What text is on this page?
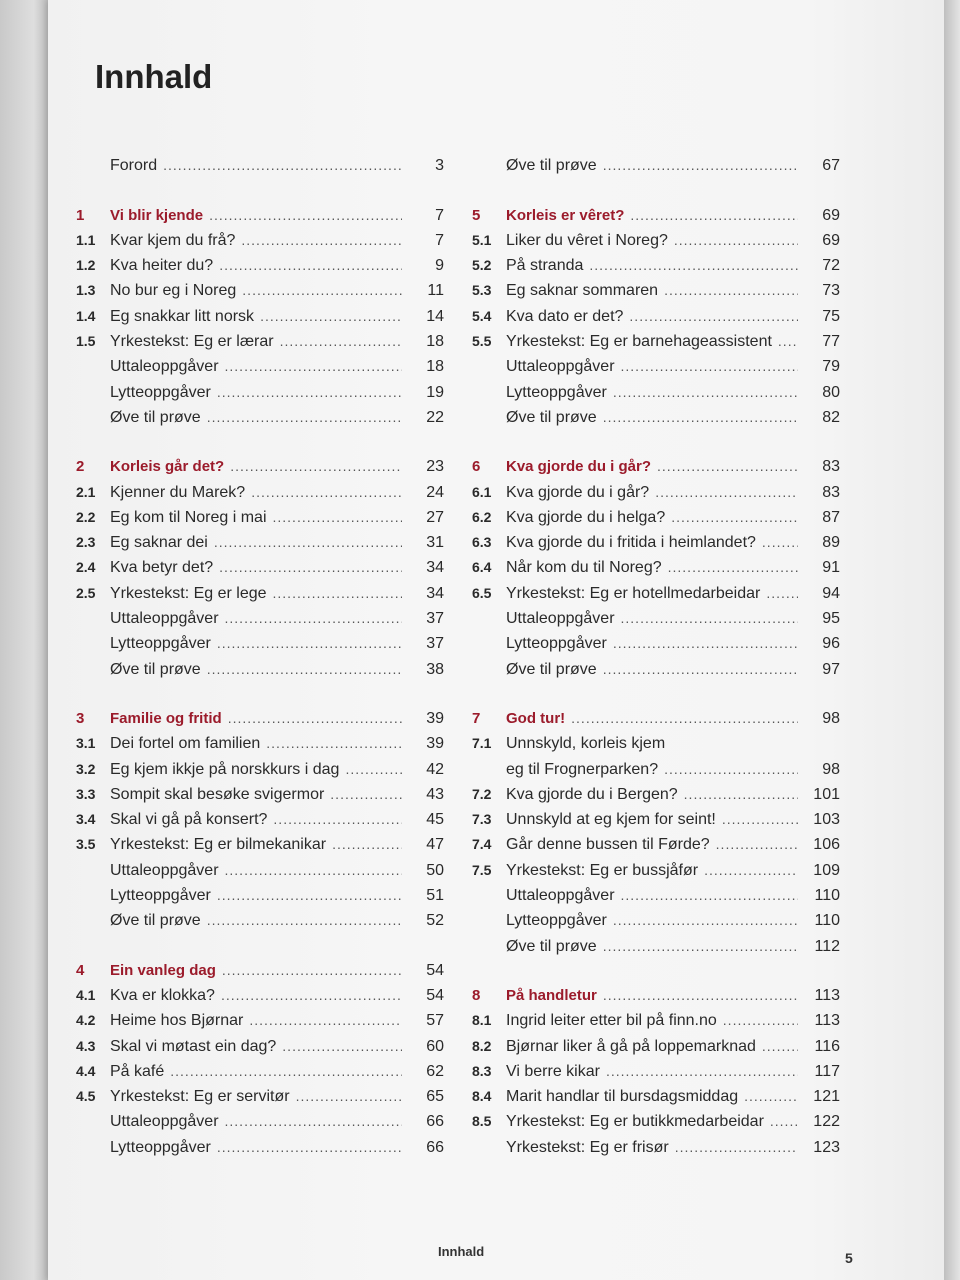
Innhald
Forord .....	3
1	Vi blir kjende .....	7
1.1 Kvar kjem du frå? .....	7
1.2 Kva heiter du? .....	9
1.3 No bur eg i Noreg .....	11
1.4 Eg snakkar litt norsk .....	14
1.5 Yrkestekst: Eg er lærar .....	18
Uttaleoppgåver .....	18
Lytteoppgåver .....	19
Øve til prøve .....	22
2	Korleis går det? .....	23
2.1 Kjenner du Marek? .....	24
2.2 Eg kom til Noreg i mai .....	27
2.3 Eg saknar dei .....	31
2.4 Kva betyr det? .....	34
2.5 Yrkestekst: Eg er lege .....	34
Uttaleoppgåver .....	37
Lytteoppgåver .....	37
Øve til prøve .....	38
3	Familie og fritid .....	39
3.1 Dei fortel om familien .....	39
3.2 Eg kjem ikkje på norskkurs i dag .....	42
3.3 Sompit skal besøke svigermor .....	43
3.4 Skal vi gå på konsert? .....	45
3.5 Yrkestekst: Eg er bilmekanikar .....	47
Uttaleoppgåver .....	50
Lytteoppgåver .....	51
Øve til prøve .....	52
4	Ein vanleg dag .....	54
4.1 Kva er klokka? .....	54
4.2 Heime hos Bjørnar .....	57
4.3 Skal vi møtast ein dag? .....	60
4.4 På kafé .....	62
4.5 Yrkestekst: Eg er servitør .....	65
Uttaleoppgåver .....	66
Lytteoppgåver .....	66
Øve til prøve .....	67
5	Korleis er vêret? .....	69
5.1 Liker du vêret i Noreg? .....	69
5.2 På stranda .....	72
5.3 Eg saknar sommaren .....	73
5.4 Kva dato er det? .....	75
5.5 Yrkestekst: Eg er barnehageassistent .....	77
Uttaleoppgåver .....	79
Lytteoppgåver .....	80
Øve til prøve .....	82
6	Kva gjorde du i går? .....	83
6.1 Kva gjorde du i går? .....	83
6.2 Kva gjorde du i helga? .....	87
6.3 Kva gjorde du i fritida i heimlandet? .....	89
6.4 Når kom du til Noreg? .....	91
6.5 Yrkestekst: Eg er hotellmedarbeidar .....	94
Uttaleoppgåver .....	95
Lytteoppgåver .....	96
Øve til prøve .....	97
7	God tur! .....	98
7.1 Unnskyld, korleis kjem
eg til Frognerparken? .....	98
7.2 Kva gjorde du i Bergen? .....	101
7.3 Unnskyld at eg kjem for seint! .....	103
7.4 Går denne bussen til Førde? .....	106
7.5 Yrkestekst: Eg er bussjåfør .....	109
Uttaleoppgåver .....	110
Lytteoppgåver .....	110
Øve til prøve .....	112
8	På handletur .....	113
8.1 Ingrid leiter etter bil på finn.no .....	113
8.2 Bjørnar liker å gå på loppemarknad .....	116
8.3 Vi berre kikar .....	117
8.4 Marit handlar til bursdagsmiddag .....	121
8.5 Yrkestekst: Eg er butikkmedarbeidar .....	122
Yrkestekst: Eg er frisør .....	123
Innhald	5
